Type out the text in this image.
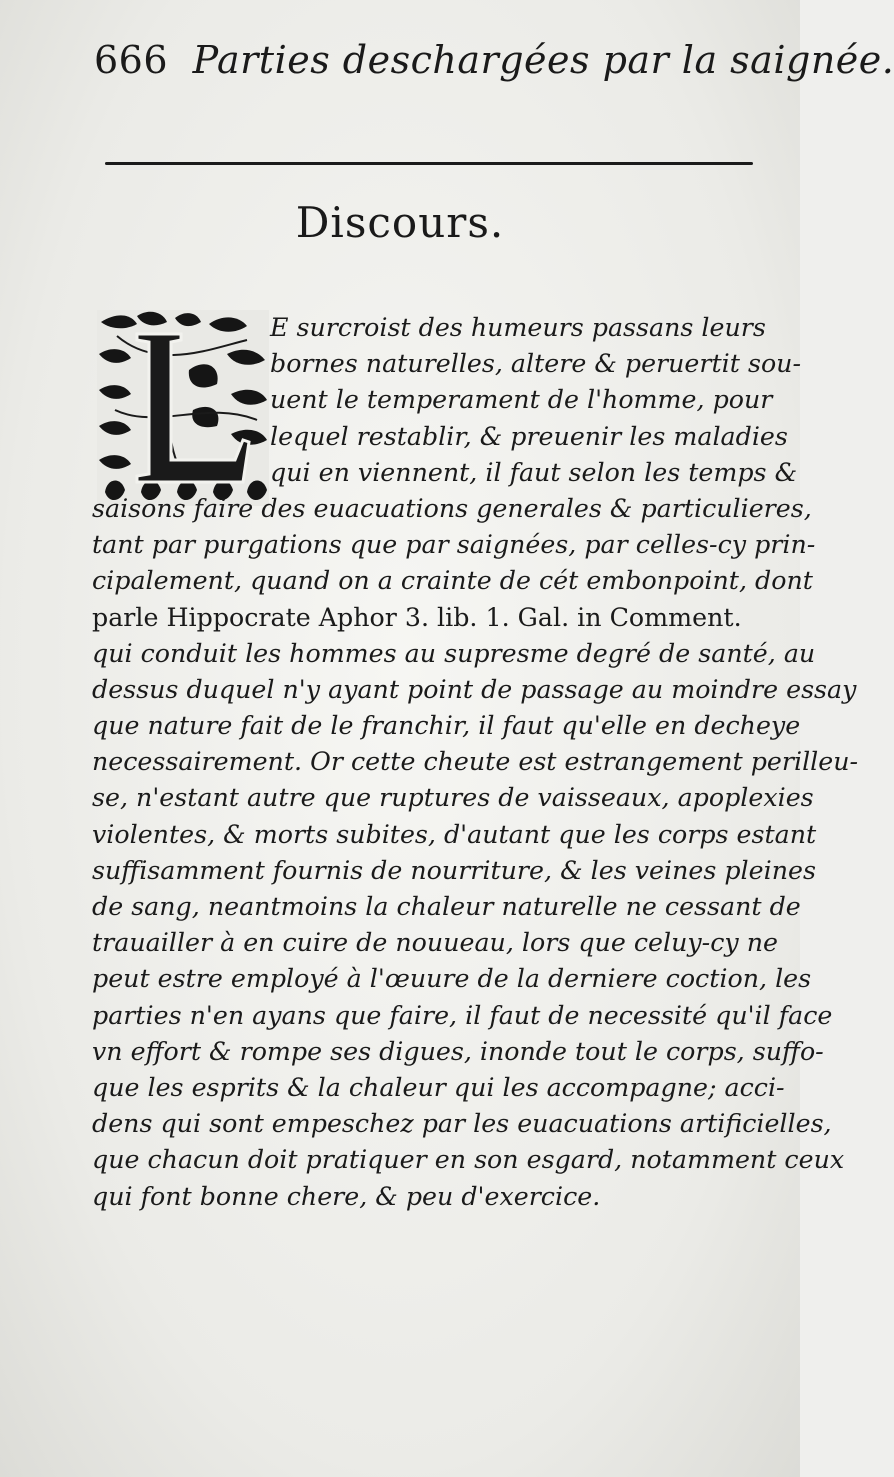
666 Parties deschargées par la saignée.
Discours.
E surcroist des humeurs passans leurs
bornes naturelles, altere & peruertit sou-
uent le temperament de l'homme, pour
lequel restablir, & preuenir les maladies
qui en viennent, il faut selon les temps &
saisons faire des euacuations generales & particulieres,
tant par purgations que par saignées, par celles-cy prin-
cipalement, quand on a crainte de cét embonpoint, dont
parle Hippocrate Aphor 3. lib. 1. Gal. in Comment.
qui conduit les hommes au supresme degré de santé, au
dessus duquel n'y ayant point de passage au moindre essay
que nature fait de le franchir, il faut qu'elle en decheye
necessairement. Or cette cheute est estrangement perilleu-
se, n'estant autre que ruptures de vaisseaux, apoplexies
violentes, & morts subites, d'autant que les corps estant
suffisamment fournis de nourriture, & les veines pleines
de sang, neantmoins la chaleur naturelle ne cessant de
trauailler à en cuire de nouueau, lors que celuy-cy ne
peut estre employé à l'œuure de la derniere coction, les
parties n'en ayans que faire, il faut de necessité qu'il face
vn effort & rompe ses digues, inonde tout le corps, suffo-
que les esprits & la chaleur qui les accompagne; acci-
dens qui sont empeschez par les euacuations artificielles,
que chacun doit pratiquer en son esgard, notamment ceux
qui font bonne chere, & peu d'exercice.
